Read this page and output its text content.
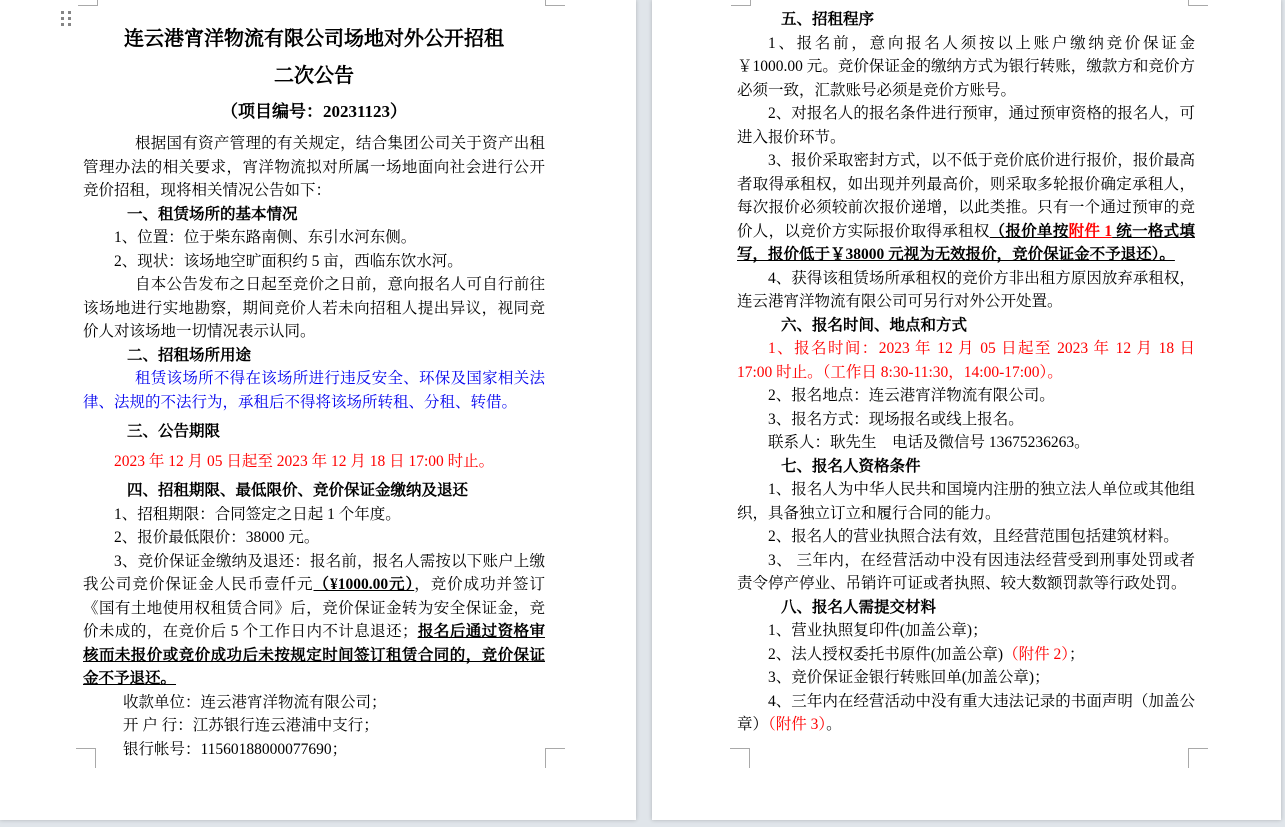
连云港宵洋物流有限公司场地对外公开招租
二次公告
（项目编号：20231123）
根据国有资产管理的有关规定，结合集团公司关于资产出租管理办法的相关要求，宵洋物流拟对所属一场地面向社会进行公开竞价招租，现将相关情况公告如下：
一、租赁场所的基本情况
1、位置：位于柴东路南侧、东引水河东侧。
2、现状：该场地空旷面积约 5 亩，西临东饮水河。
自本公告发布之日起至竞价之日前，意向报名人可自行前往该场地进行实地勘察，期间竞价人若未向招租人提出异议，视同竞价人对该场地一切情况表示认同。
二、招租场所用途
租赁该场所不得在该场所进行违反安全、环保及国家相关法律、法规的不法行为，承租后不得将该场所转租、分租、转借。
三、公告期限
2023 年 12 月 05 日起至 2023 年 12 月 18 日 17:00 时止。
四、招租期限、最低限价、竞价保证金缴纳及退还
1、招租期限：合同签定之日起 1 个年度。
2、报价最低限价：38000 元。
3、竞价保证金缴纳及退还：报名前，报名人需按以下账户上缴我公司竞价保证金人民币壹仟元（¥1000.00元），竞价成功并签订《国有土地使用权租赁合同》后，竞价保证金转为安全保证金，竞价未成的，在竞价后 5 个工作日内不计息退还；报名后通过资格审核而未报价或竞价成功后未按规定时间签订租赁合同的，竞价保证金不予退还。
收款单位：连云港宵洋物流有限公司；
开 户 行：江苏银行连云港浦中支行；
银行帐号：11560188000077690；
五、招租程序
1、报名前，意向报名人须按以上账户缴纳竞价保证金￥1000.00 元。竞价保证金的缴纳方式为银行转账，缴款方和竞价方必须一致，汇款账号必须是竞价方账号。
2、对报名人的报名条件进行预审，通过预审资格的报名人，可进入报价环节。
3、报价采取密封方式，以不低于竞价底价进行报价，报价最高者取得承租权，如出现并列最高价，则采取多轮报价确定承租人，每次报价必须较前次报价递增，以此类推。只有一个通过预审的竞价人，以竞价方实际报价取得承租权（报价单按附件 1 统一格式填写，报价低于￥38000 元视为无效报价，竞价保证金不予退还）。
4、获得该租赁场所承租权的竞价方非出租方原因放弃承租权，连云港宵洋物流有限公司可另行对外公开处置。
六、报名时间、地点和方式
1、报名时间：2023 年 12 月 05 日起至 2023 年 12 月 18 日 17:00 时止。（工作日 8:30-11:30，14:00-17:00）。
2、报名地点：连云港宵洋物流有限公司。
3、报名方式：现场报名或线上报名。
联系人：耿先生　电话及微信号 13675236263。
七、报名人资格条件
1、报名人为中华人民共和国境内注册的独立法人单位或其他组织，具备独立订立和履行合同的能力。
2、报名人的营业执照合法有效，且经营范围包括建筑材料。
3、 三年内，在经营活动中没有因违法经营受到刑事处罚或者责令停产停业、吊销许可证或者执照、较大数额罚款等行政处罚。
八、报名人需提交材料
1、营业执照复印件(加盖公章)；
2、法人授权委托书原件(加盖公章)（附件 2）；
3、竞价保证金银行转账回单(加盖公章)；
4、三年内在经营活动中没有重大违法记录的书面声明（加盖公章）（附件 3）。
